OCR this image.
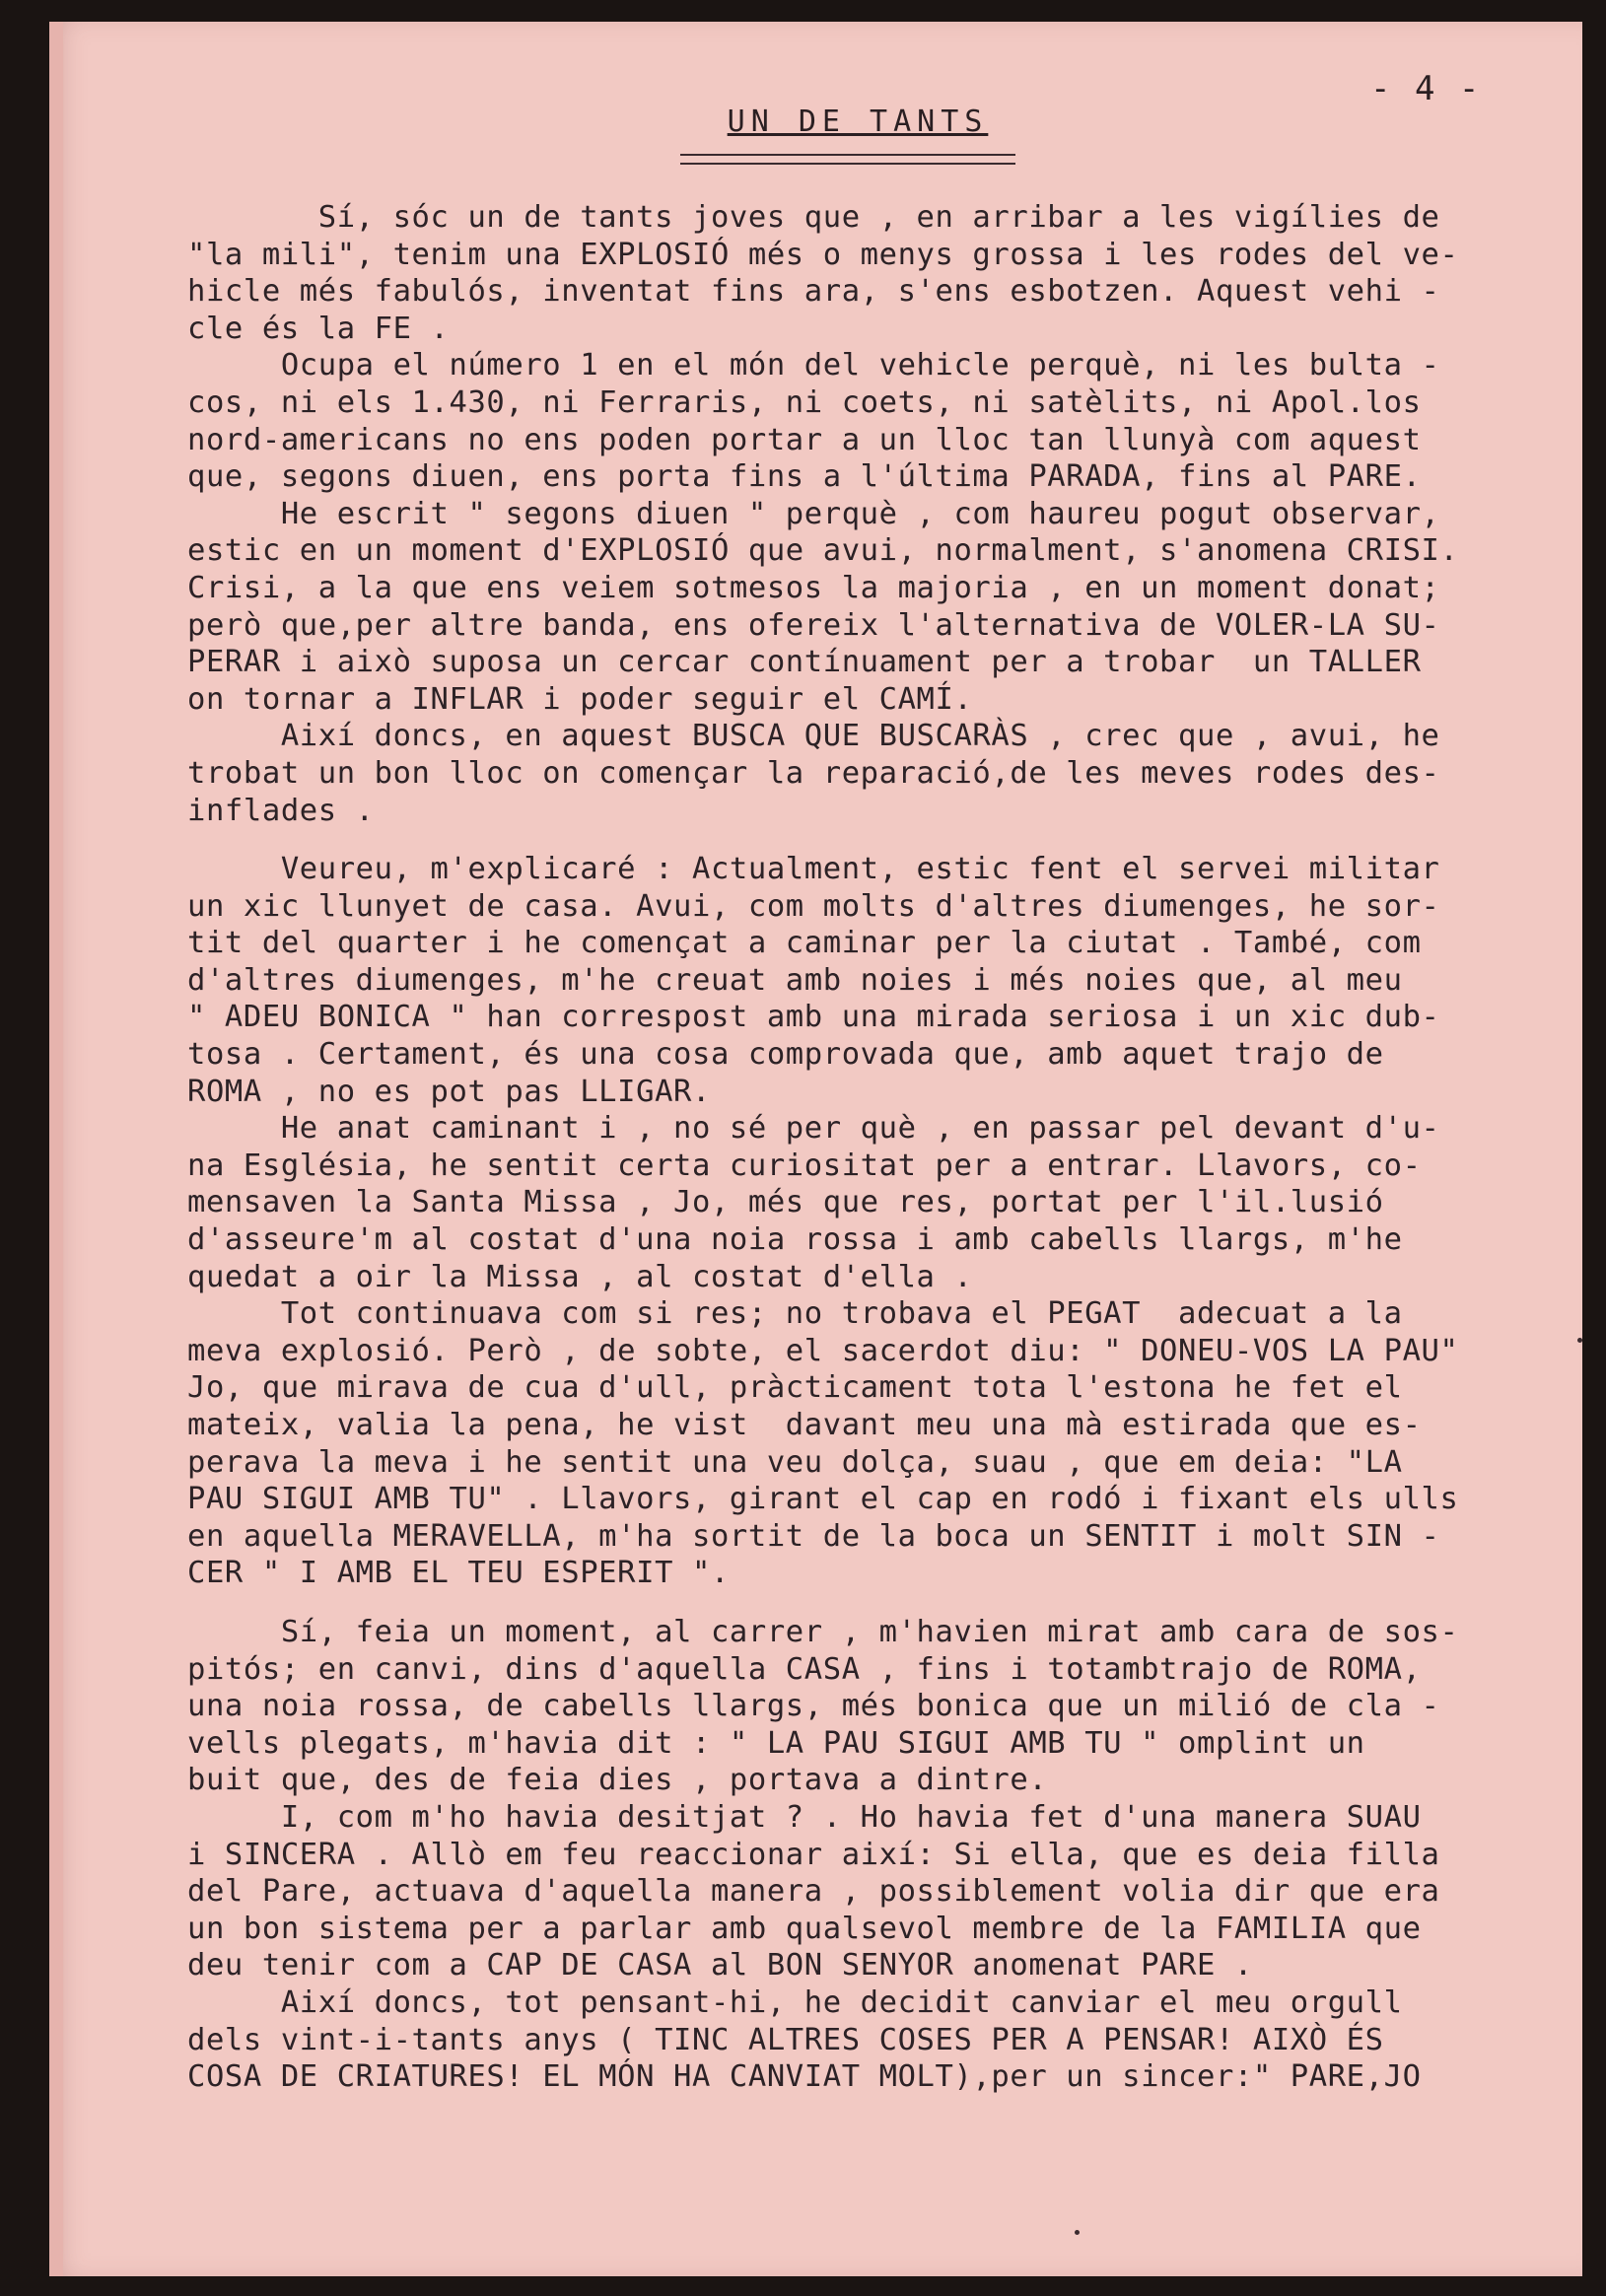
- 4 -
UN DE TANTS
Sí, sóc un de tants joves que , en arribar a les vigílies de
"la mili", tenim una EXPLOSIÓ més o menys grossa i les rodes del ve-
hicle més fabulós, inventat fins ara, s'ens esbotzen. Aquest vehi -
cle és la FE .
Ocupa el número 1 en el món del vehicle perquè, ni les bulta -
cos, ni els 1.430, ni Ferraris, ni coets, ni satèlits, ni Apol.los
nord-americans no ens poden portar a un lloc tan llunyà com aquest
que, segons diuen, ens porta fins a l'última PARADA, fins al PARE.
He escrit " segons diuen " perquè , com haureu pogut observar,
estic en un moment d'EXPLOSIÓ que avui, normalment, s'anomena CRISI.
Crisi, a la que ens veiem sotmesos la majoria , en un moment donat;
però que,per altre banda, ens ofereix l'alternativa de VOLER-LA SU-
PERAR i això suposa un cercar contínuament per a trobar  un TALLER
on tornar a INFLAR i poder seguir el CAMÍ.
Així doncs, en aquest BUSCA QUE BUSCARÀS , crec que , avui, he
trobat un bon lloc on començar la reparació,de les meves rodes des-
inflades .
Veureu, m'explicaré : Actualment, estic fent el servei militar
un xic llunyet de casa. Avui, com molts d'altres diumenges, he sor-
tit del quarter i he començat a caminar per la ciutat . També, com
d'altres diumenges, m'he creuat amb noies i més noies que, al meu
" ADEU BONICA " han correspost amb una mirada seriosa i un xic dub-
tosa . Certament, és una cosa comprovada que, amb aquet trajo de
ROMA , no es pot pas LLIGAR.
He anat caminant i , no sé per què , en passar pel devant d'u-
na Església, he sentit certa curiositat per a entrar. Llavors, co-
mensaven la Santa Missa , Jo, més que res, portat per l'il.lusió
d'asseure'm al costat d'una noia rossa i amb cabells llargs, m'he
quedat a oir la Missa , al costat d'ella .
Tot continuava com si res; no trobava el PEGAT  adecuat a la
meva explosió. Però , de sobte, el sacerdot diu: " DONEU-VOS LA PAU"
Jo, que mirava de cua d'ull, pràcticament tota l'estona he fet el
mateix, valia la pena, he vist  davant meu una mà estirada que es-
perava la meva i he sentit una veu dolça, suau , que em deia: "LA
PAU SIGUI AMB TU" . Llavors, girant el cap en rodó i fixant els ulls
en aquella MERAVELLA, m'ha sortit de la boca un SENTIT i molt SIN -
CER " I AMB EL TEU ESPERIT ".
Sí, feia un moment, al carrer , m'havien mirat amb cara de sos-
pitós; en canvi, dins d'aquella CASA , fins i totambtrajo de ROMA,
una noia rossa, de cabells llargs, més bonica que un milió de cla -
vells plegats, m'havia dit : " LA PAU SIGUI AMB TU " omplint un
buit que, des de feia dies , portava a dintre.
I, com m'ho havia desitjat ? . Ho havia fet d'una manera SUAU
i SINCERA . Allò em feu reaccionar així: Si ella, que es deia filla
del Pare, actuava d'aquella manera , possiblement volia dir que era
un bon sistema per a parlar amb qualsevol membre de la FAMILIA que
deu tenir com a CAP DE CASA al BON SENYOR anomenat PARE .
Així doncs, tot pensant-hi, he decidit canviar el meu orgull
dels vint-i-tants anys ( TINC ALTRES COSES PER A PENSAR! AIXÒ ÉS
COSA DE CRIATURES! EL MÓN HA CANVIAT MOLT),per un sincer:" PARE,JO
